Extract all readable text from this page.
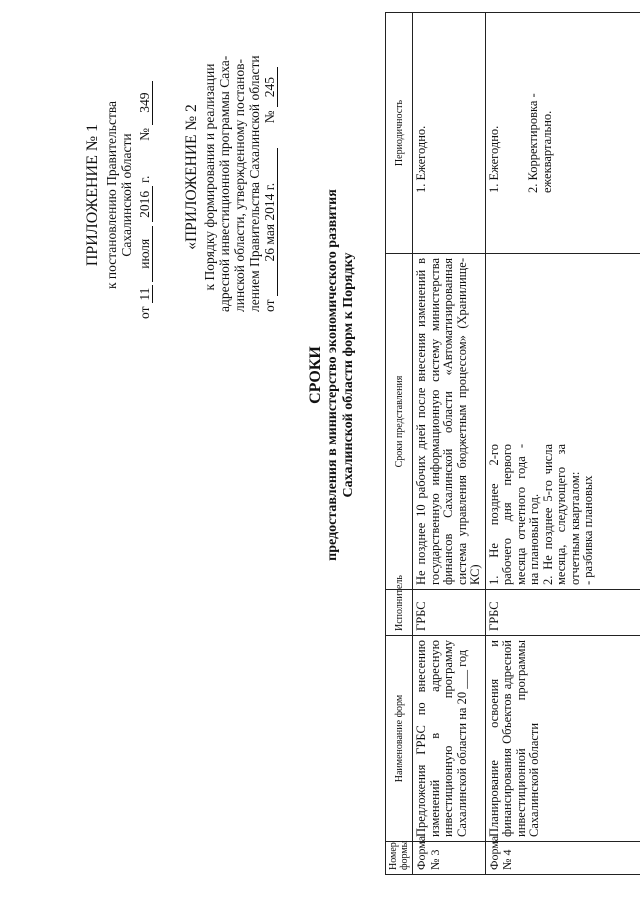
ПРИЛОЖЕНИЕ № 1 к постановлению Правительства Сахалинской области
от 11 июля 2016 г.  № 349
«ПРИЛОЖЕНИЕ № 2 к Порядку формирования и реализации адресной инвестиционной программы Саха- линской области, утвержденному постанов- лением Правительства Сахалинской области от 26 мая 2014 г.  № 245
СРОКИ предоставления в министерство экономического развития Сахалинской области форм к Порядку
Номер формы	Наименование форм	Исполнитель	Сроки представления	Периодичность
Форма № 3	Предложения ГРБС по внесению изменений в адресную инвестиционную программу Сахалинской области на 20 ___ год	ГРБС	Не позднее 10 рабочих дней после внесения изменений в государственную информационную систему министерства финансов Сахалинской области «Автоматизированная система управления бюджетным процессом» (Хранилище-КС)	1. Ежегодно.
Форма № 4	Планирование освоения и финансирования Объектов адресной инвестиционной программы Сахалинской области	ГРБС	1. Не позднее 2-го рабочего дня первого месяца отчетного года - на плановый год. 2. Не позднее 5-го числа месяца, следующего за отчетным кварталом: - разбивка плановых	1. Ежегодно. 2. Корректировка - ежеквартально.
